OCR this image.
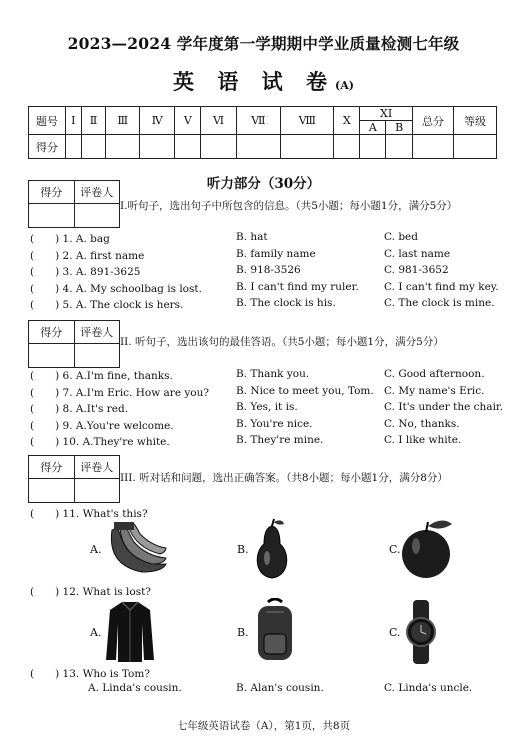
2023—2024 学年度第一学期期中学业质量检测七年级
英 语 试 卷(A)
题号	I	Ⅱ	Ⅲ	Ⅳ	Ⅴ	Ⅵ	Ⅶ	Ⅷ	Ⅹ	XI		总分	等级
										A	B		
得分													
听力部分（30分）
得分	评卷人
I.听句子，选出句子中所包含的信息。（共5小题；每小题1分，满分5分）
(　　) 1. A. bag	B. hat	C. bed
(　　) 2. A. first name	B. family name	C. last name
(　　) 3. A. 891-3625	B. 918-3526	C. 981-3652
(　　) 4. A. My schoolbag is lost.	B. I can't find my ruler. C. I can't find my key.
(　　) 5. A. The clock is hers.	B. The clock is his.	C. The clock is mine.
得分	评卷人
II. 听句子，选出该句的最佳答语。（共5小题；每小题1分，满分5分）
(　　) 6. A.I'm fine, thanks.	B. Thank you.	C. Good afternoon.
(　　) 7. A.I'm Eric. How are you?	B. Nice to meet you, Tom. C. My name's Eric.
(　　) 8. A.It's red.	B. Yes, it is.	C. It's under the chair.
(　　) 9. A.You're welcome.	B. You're nice.	C. No, thanks.
(　　) 10. A.They're white.	B. They're mine.	C. I like white.
得分	评卷人
III. 听对话和问题，选出正确答案。（共8小题；每小题1分，满分8分）
(　　) 11. What's this?
A.	B.	C.
(　　) 12. What is lost?
A.	B.	C.
(　　) 13. Who is Tom?
A. Linda's cousin.	B. Alan's cousin.	C. Linda's uncle.
七年级英语试卷（A），第1页，共8页
